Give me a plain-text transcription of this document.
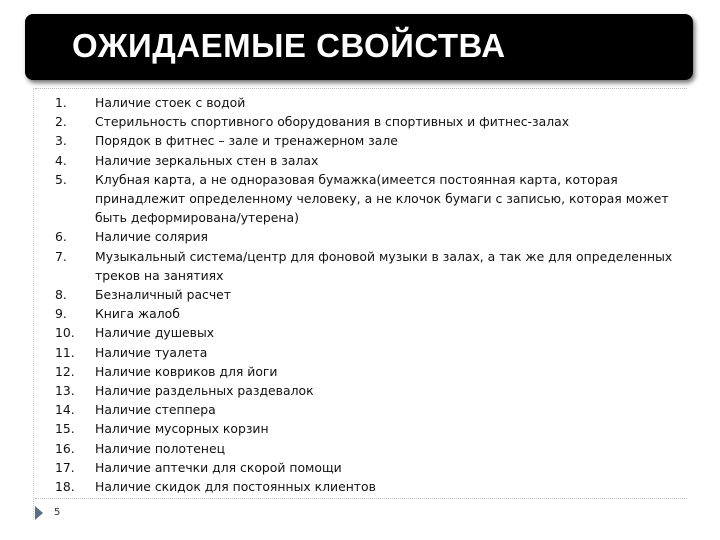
ОЖИДАЕМЫЕ СВОЙСТВА
1.	Наличие стоек с водой
2.	Стерильность спортивного оборудования в спортивных и фитнес-залах
3.	Порядок в фитнес – зале и тренажерном зале
4.	Наличие зеркальных стен в залах
5.	Клубная карта, а не одноразовая бумажка(имеется постоянная карта, которая принадлежит определенному человеку, а не клочок бумаги с записью, которая может быть деформирована/утерена)
6.	Наличие солярия
7.	Музыкальный система/центр для фоновой музыки в залах, а так же для определенных треков на занятиях
8.	Безналичный расчет
9.	Книга жалоб
10.	Наличие душевых
11.	Наличие туалета
12.	Наличие ковриков для йоги
13.	Наличие раздельных раздевалок
14.	Наличие степпера
15.	Наличие мусорных корзин
16.	Наличие полотенец
17.	Наличие аптечки для скорой помощи
18.	Наличие скидок для постоянных клиентов
5
